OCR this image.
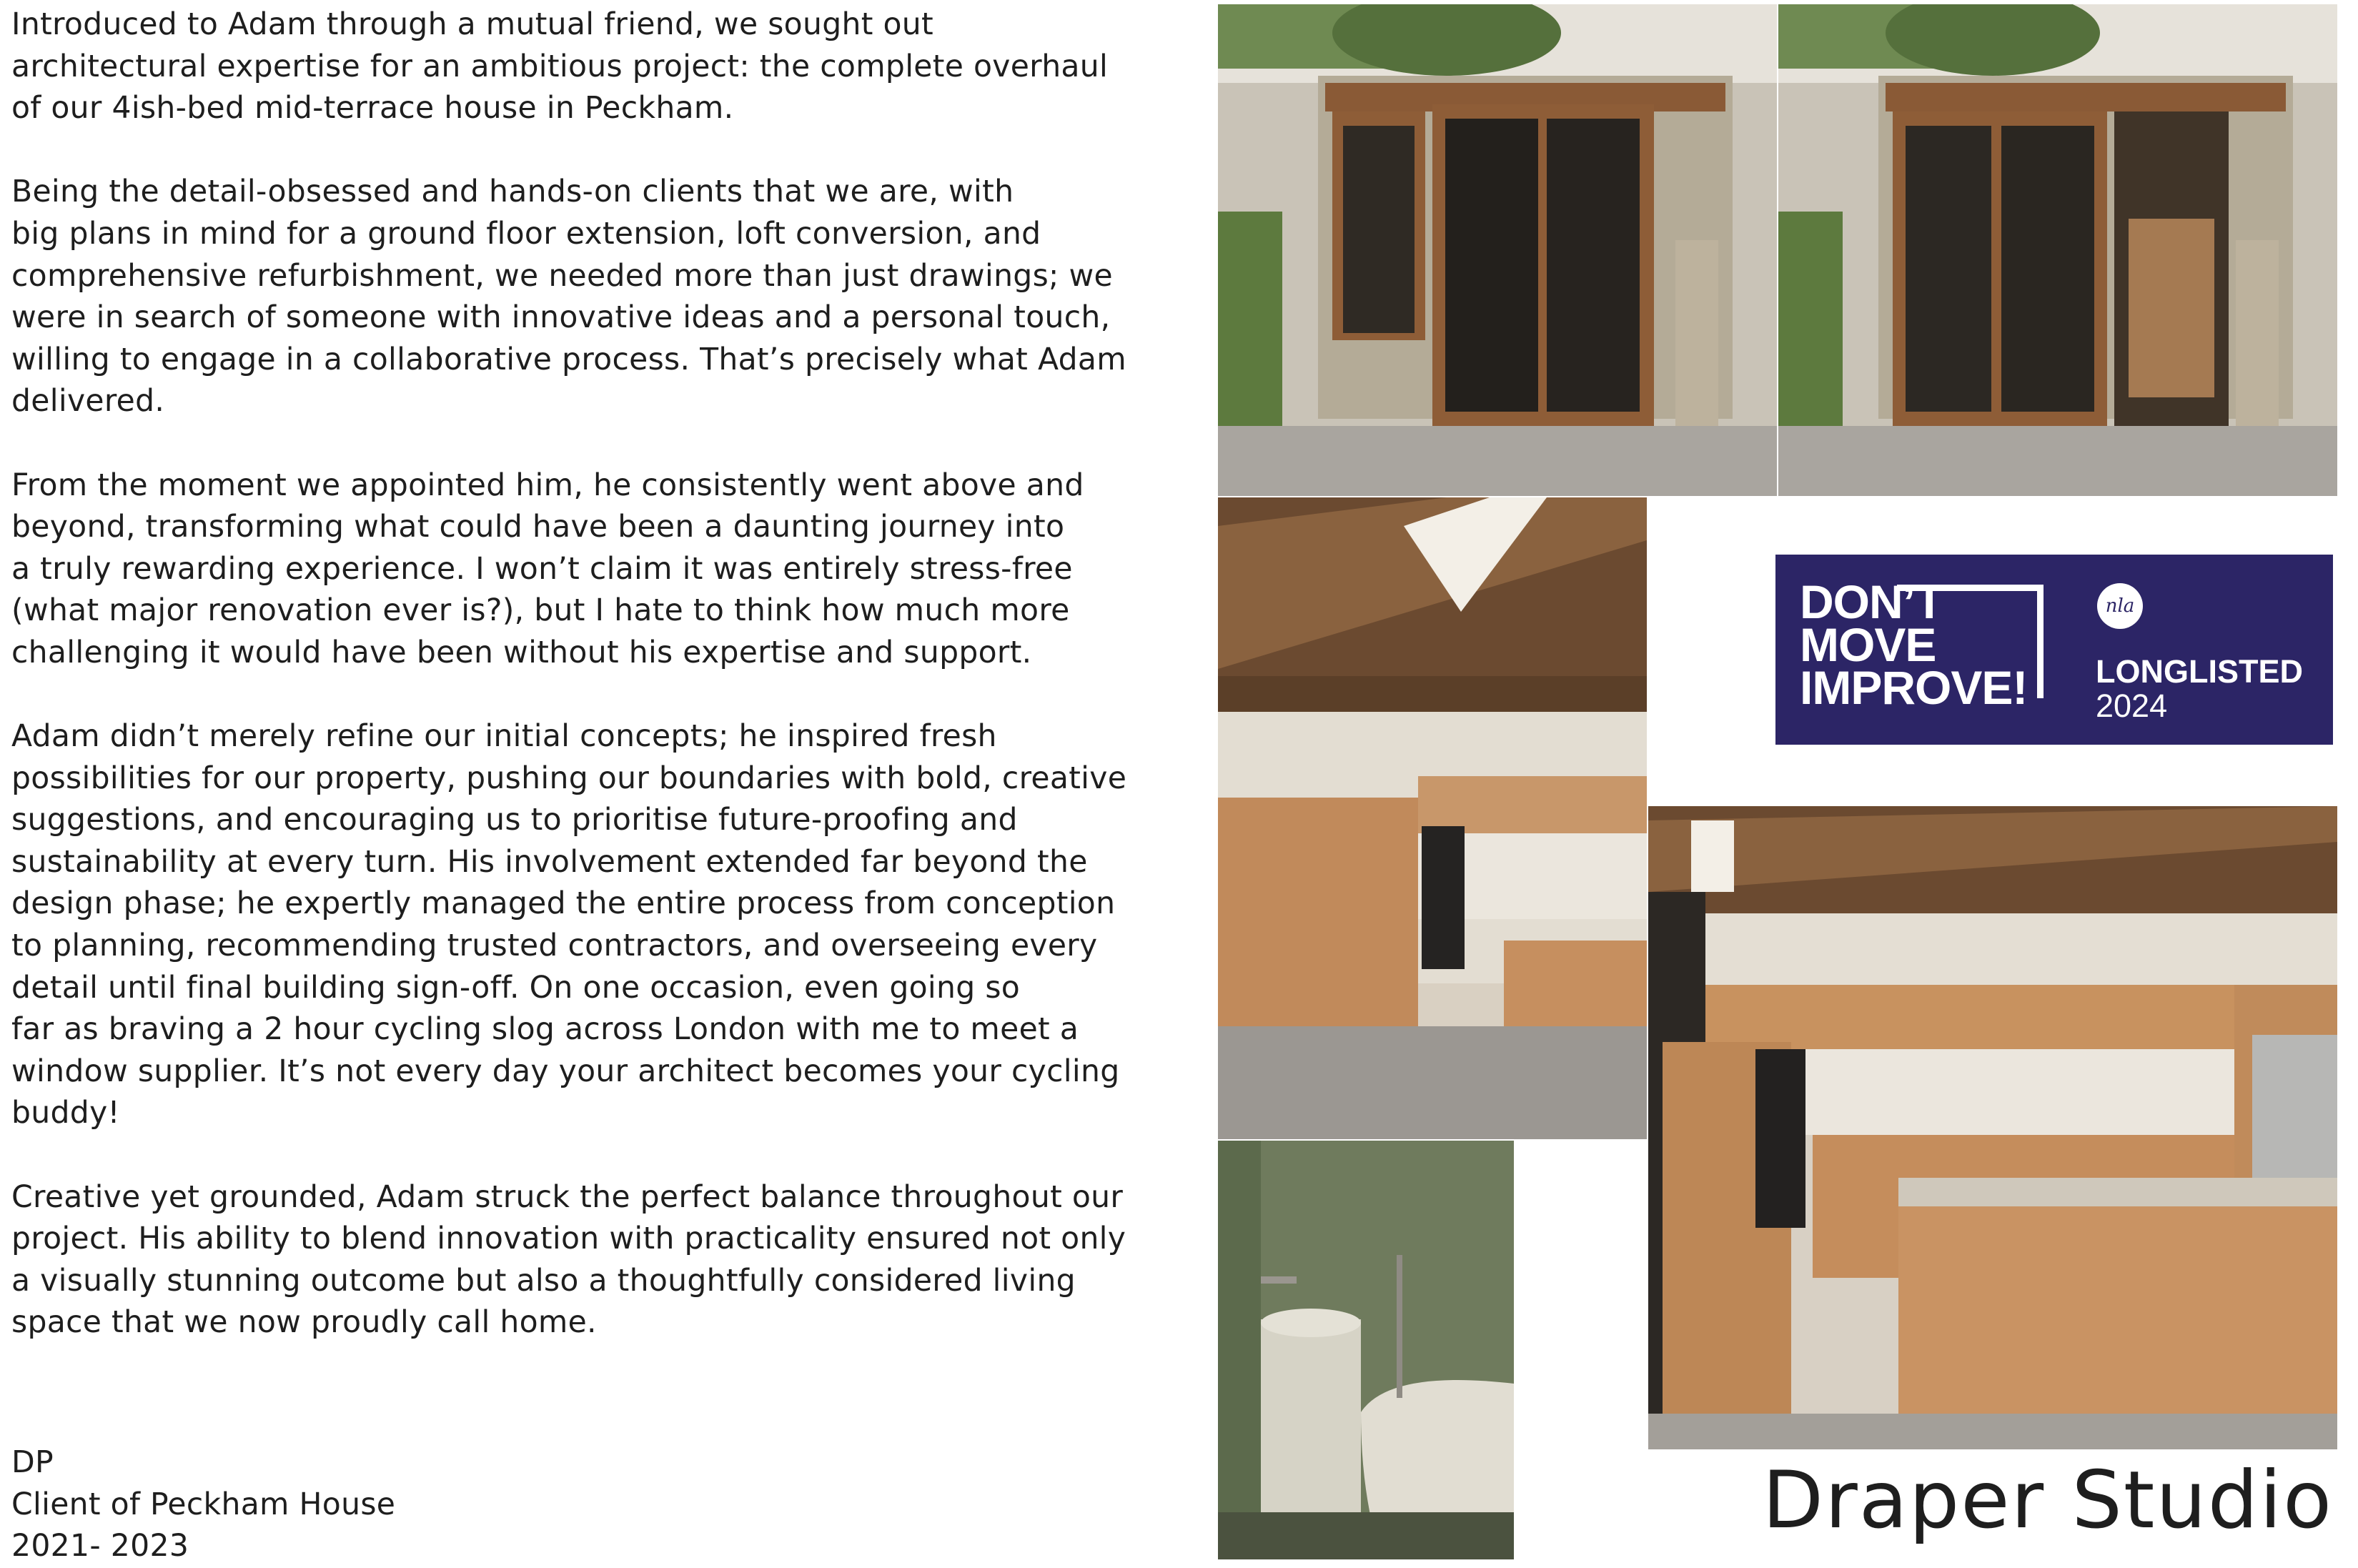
Introduced to Adam through a mutual friend, we sought out
architectural expertise for an ambitious project: the complete overhaul
of our 4ish-bed mid-terrace house in Peckham.

Being the detail-obsessed and hands-on clients that we are, with
big plans in mind for a ground floor extension, loft conversion, and
comprehensive refurbishment, we needed more than just drawings; we
were in search of someone with innovative ideas and a personal touch,
willing to engage in a collaborative process. That’s precisely what Adam
delivered.

From the moment we appointed him, he consistently went above and
beyond, transforming what could have been a daunting journey into
a truly rewarding experience. I won’t claim it was entirely stress-free
(what major renovation ever is?), but I hate to think how much more
challenging it would have been without his expertise and support.

Adam didn’t merely refine our initial concepts; he inspired fresh
possibilities for our property, pushing our boundaries with bold, creative
suggestions, and encouraging us to prioritise future-proofing and
sustainability at every turn. His involvement extended far beyond the
design phase; he expertly managed the entire process from conception
to planning, recommending trusted contractors, and overseeing every
detail until final building sign-off. On one occasion, even going so
far as braving a 2 hour cycling slog across London with me to meet a
window supplier. It’s not every day your architect becomes your cycling
buddy!

Creative yet grounded, Adam struck the perfect balance throughout our
project. His ability to blend innovation with practicality ensured not only
a visually stunning outcome but also a thoughtfully considered living
space that we now proudly call home.

DP
Client of Peckham House
2021- 2023
DON’T
MOVE
IMPROVE!
nla
LONGLISTED
2024
Draper Studio
